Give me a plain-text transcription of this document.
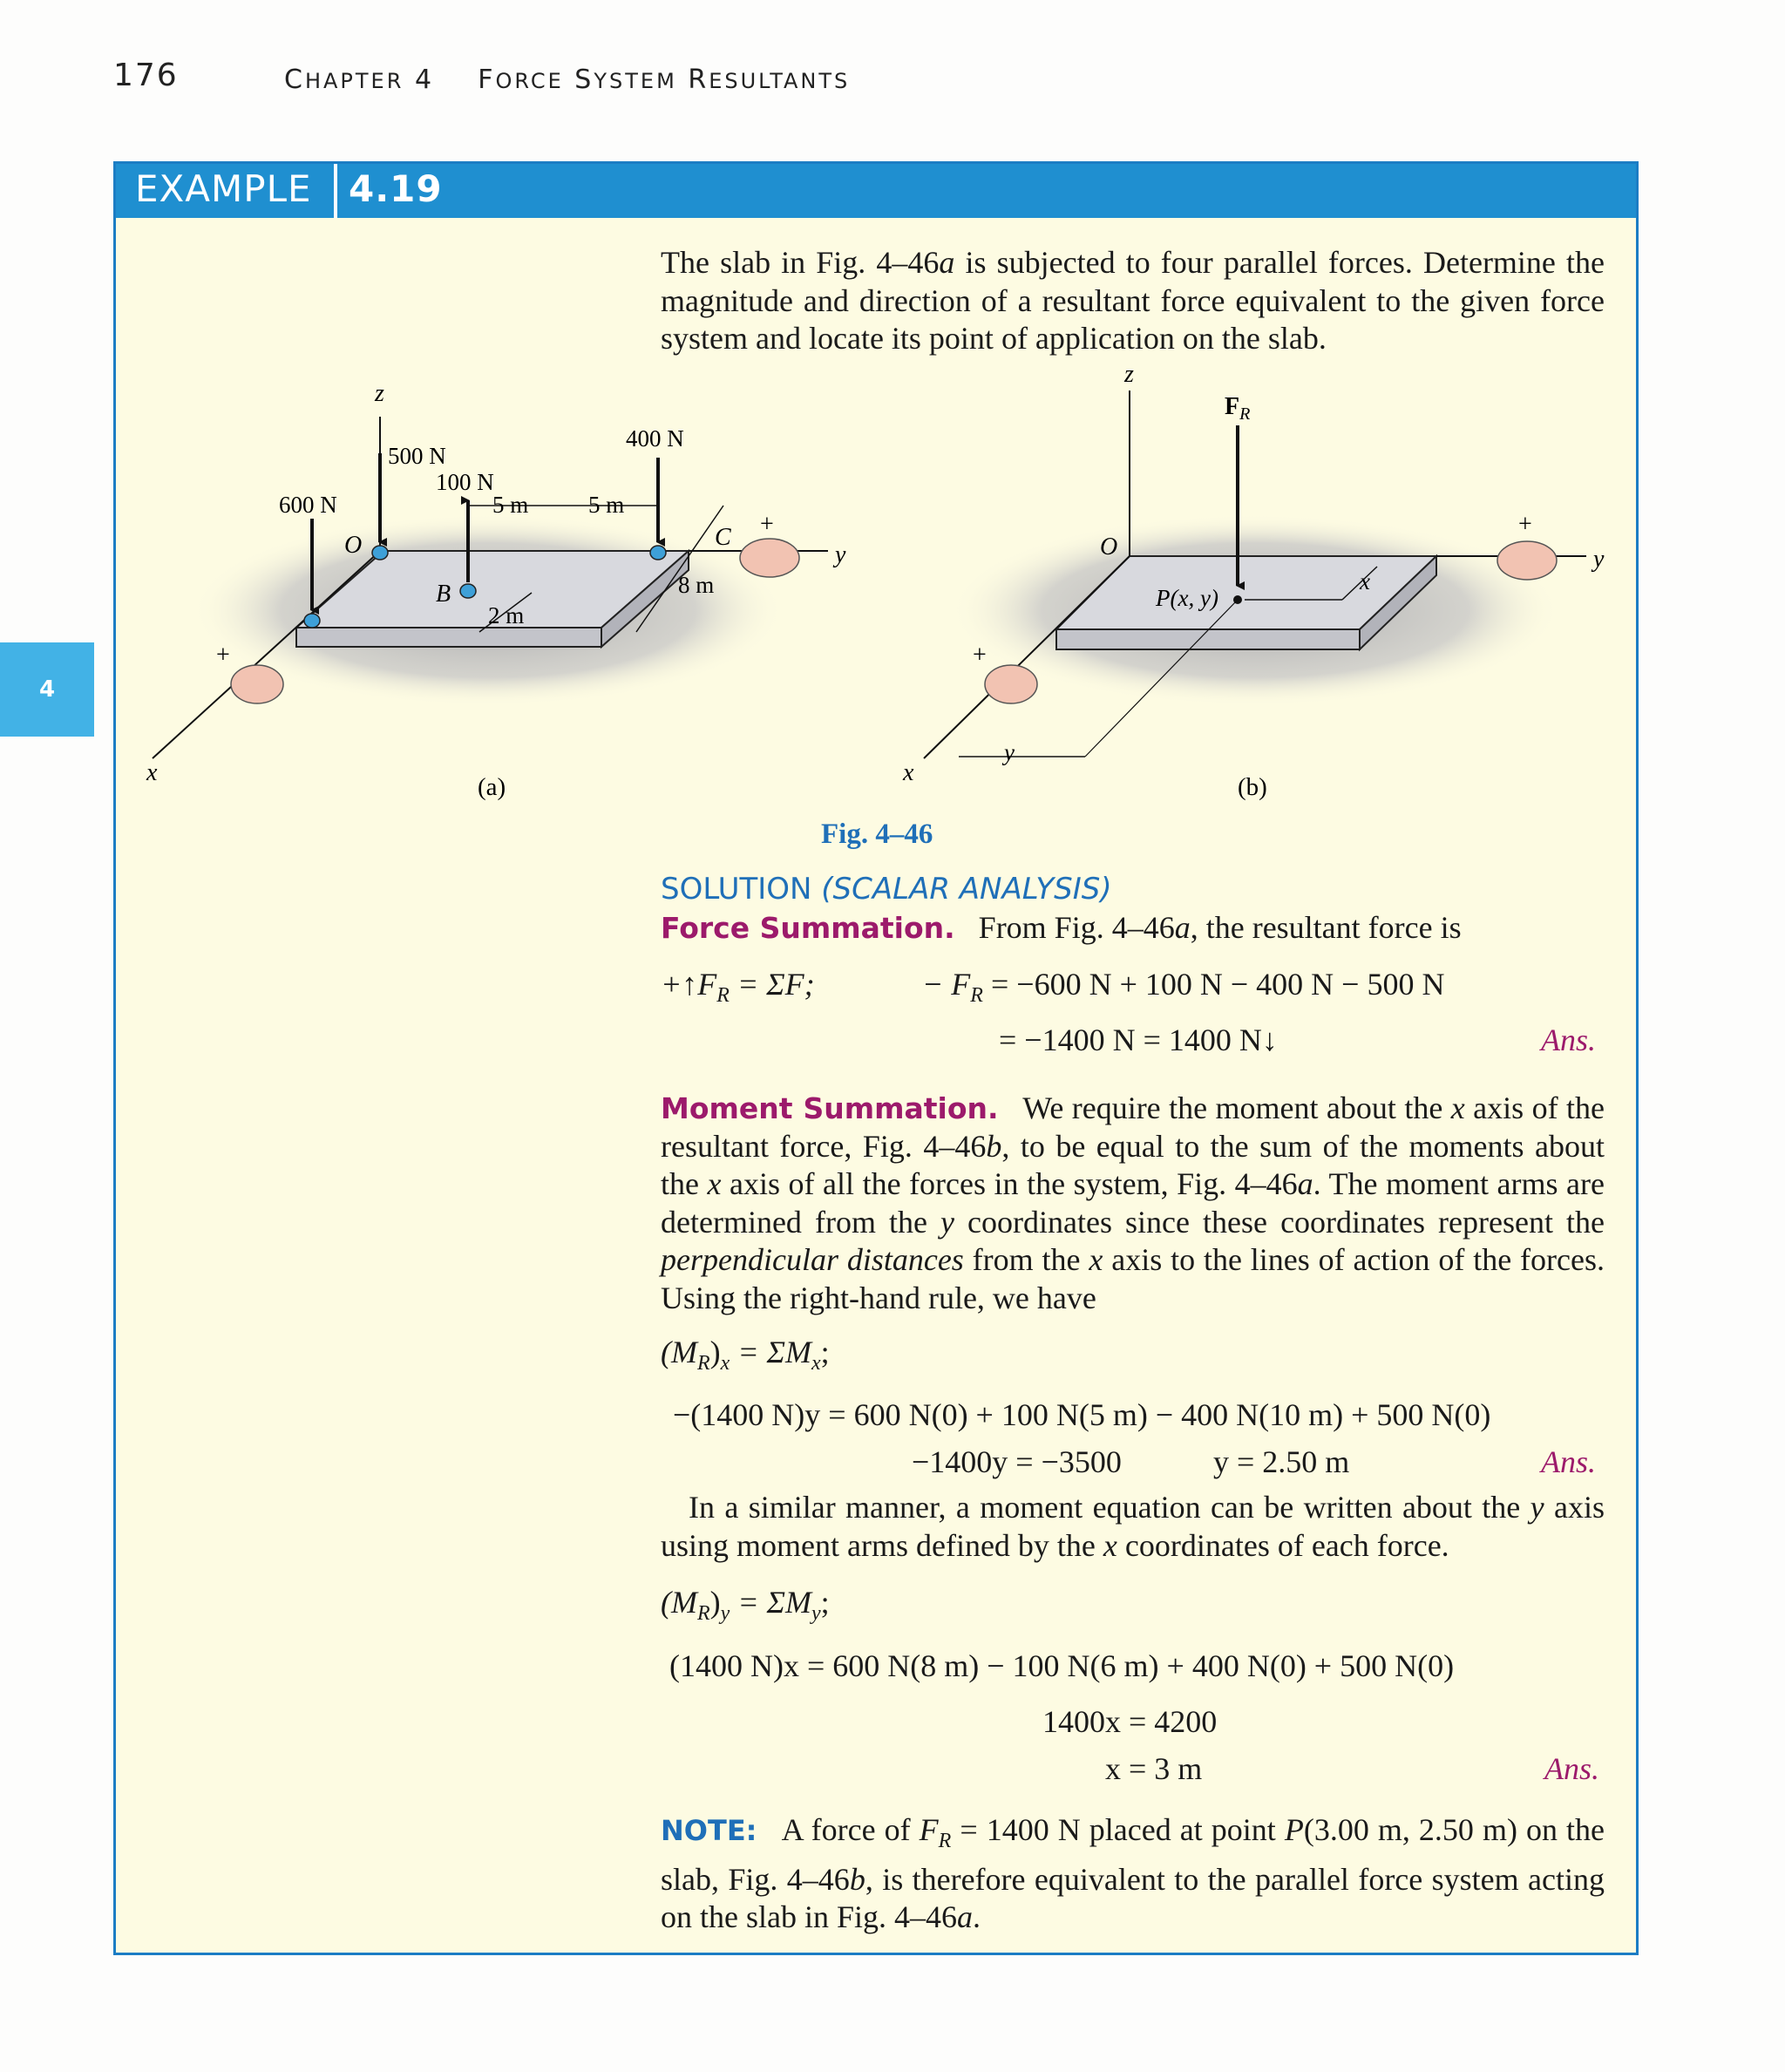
176	CHAPTER 4 FORCE SYSTEM RESULTANTS
4
EXAMPLE 4.19
The slab in Fig. 4–46a is subjected to four parallel forces. Determine the magnitude and direction of a resultant force equivalent to the given force system and locate its point of application on the slab.
z
x
y
O
B
C
+
+
600 N
500 N
100 N
400 N
5 m	5 m
8 m
2 m
(a)
z
x
y
O
+
+
$F_R$
P(x, y)
x
y
(b)
Fig. 4–46
SOLUTION (SCALAR ANALYSIS)
Force Summation. From Fig. 4–46a, the resultant force is
$+↑F_R = \Sigma F$;	− $F_R = -600$ N + 100 N − 400 N − 500 N
= −1400 N = 1400 N↓	Ans.
Moment Summation. We require the moment about the x axis of the resultant force, Fig. 4–46b, to be equal to the sum of the moments about the x axis of all the forces in the system, Fig. 4–46a. The moment arms are determined from the y coordinates since these coordinates represent the perpendicular distances from the x axis to the lines of action of the forces. Using the right-hand rule, we have
$(M_R)_x = \Sigma M_x$;
−(1400 N)y = 600 N(0) + 100 N(5 m) − 400 N(10 m) + 500 N(0)
−1400y = −3500	y = 2.50 m	Ans.
In a similar manner, a moment equation can be written about the y axis using moment arms defined by the x coordinates of each force.
$(M_R)_y = \Sigma M_y$;
(1400 N)x = 600 N(8 m) − 100 N(6 m) + 400 N(0) + 500 N(0)
1400x = 4200
x = 3 m	Ans.
NOTE: A force of $F_R = 1400$ N placed at point P(3.00 m, 2.50 m) on the slab, Fig. 4–46b, is therefore equivalent to the parallel force system acting on the slab in Fig. 4–46a.
